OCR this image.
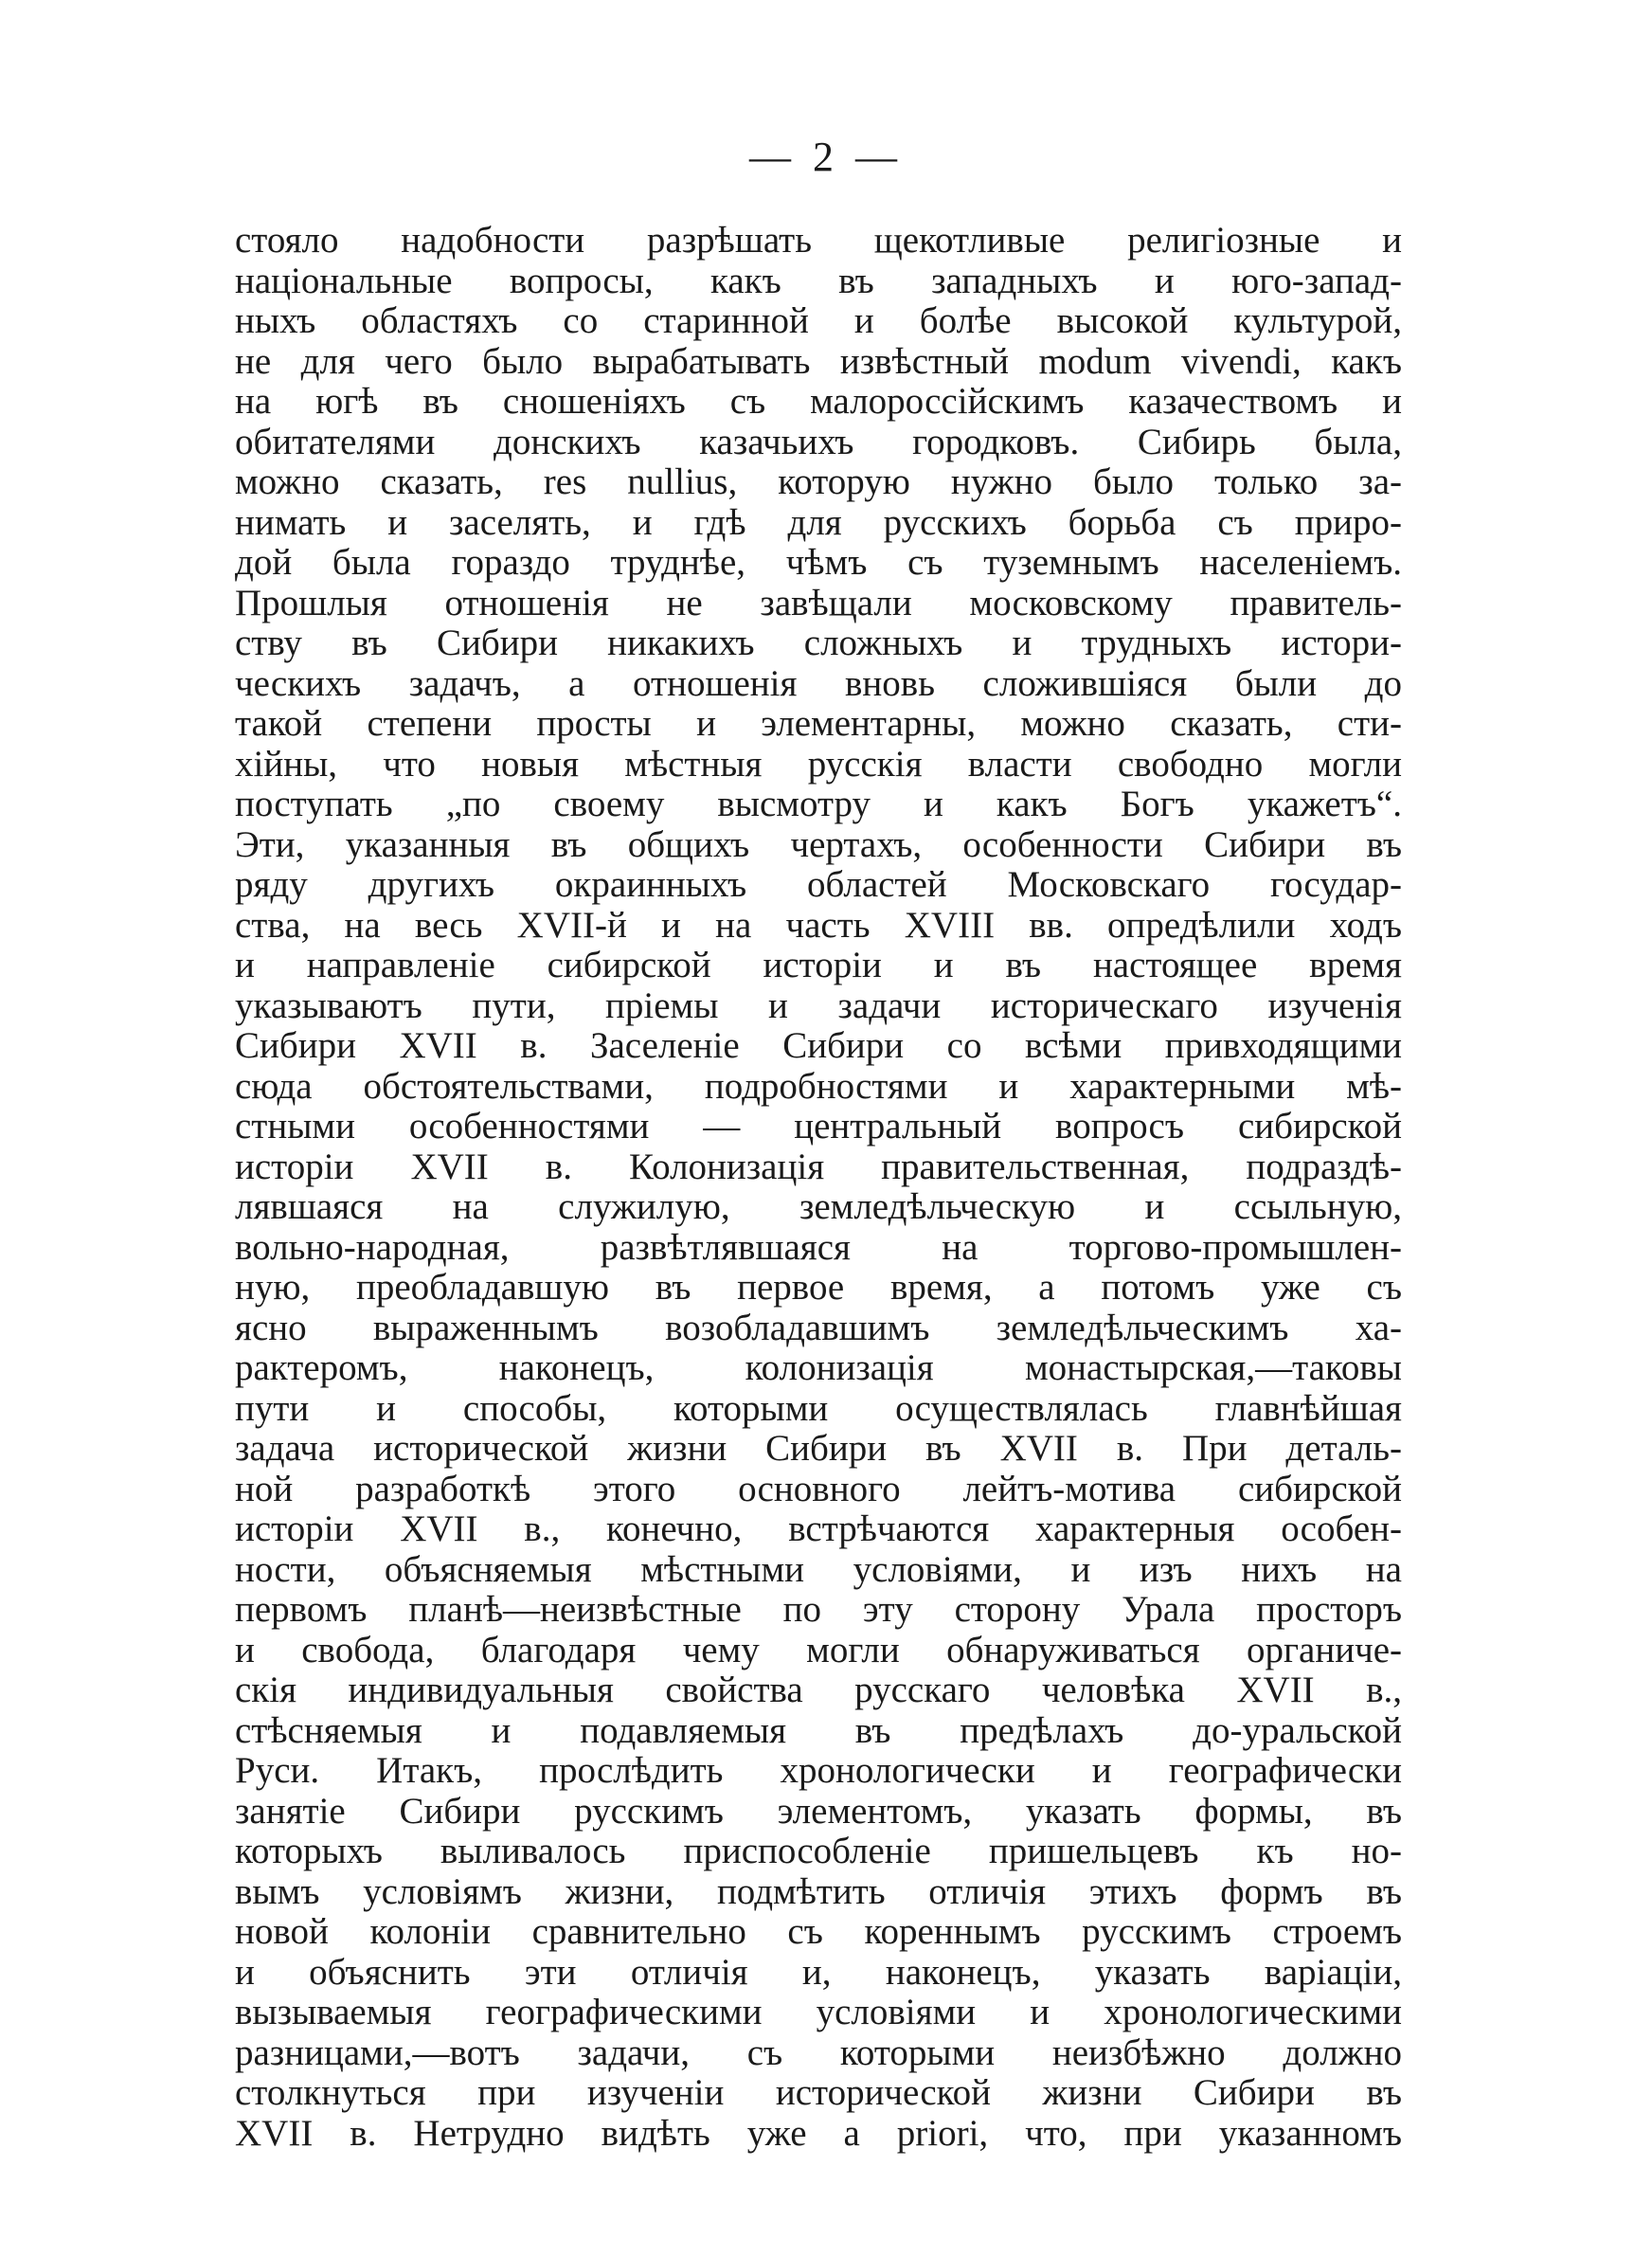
— 2 —
стояло надобности разрѣшать щекотливые религіозные и
національные вопросы, какъ въ западныхъ и юго-запад-
ныхъ областяхъ со старинной и болѣе высокой культурой,
не для чего было вырабатывать извѣстный modum vivendi, какъ
на югѣ въ сношеніяхъ съ малороссійскимъ казачествомъ и
обитателями донскихъ казачьихъ городковъ. Сибирь была,
можно сказать, res nullius, которую нужно было только за-
нимать и заселять, и гдѣ для русскихъ борьба съ приро-
дой была гораздо труднѣе, чѣмъ съ туземнымъ населеніемъ.
Прошлыя отношенія не завѣщали московскому правитель-
ству въ Сибири никакихъ сложныхъ и трудныхъ истори-
ческихъ задачъ, а отношенія вновь сложившіяся были до
такой степени просты и элементарны, можно сказать, сти-
хійны, что новыя мѣстныя русскія власти свободно могли
поступать „по своему высмотру и какъ Богъ укажетъ“.
Эти, указанныя въ общихъ чертахъ, особенности Сибири въ
ряду другихъ окраинныхъ областей Московскаго государ-
ства, на весь XVII-й и на часть XVIII вв. опредѣлили ходъ
и направленіе сибирской исторіи и въ настоящее время
указываютъ пути, пріемы и задачи историческаго изученія
Сибири XVII в. Заселеніе Сибири со всѣми привходящими
сюда обстоятельствами, подробностями и характерными мѣ-
стными особенностями — центральный вопросъ сибирской
исторіи XVII в. Колонизація правительственная, подраздѣ-
лявшаяся на служилую, земледѣльческую и ссыльную,
вольно-народная, развѣтлявшаяся на торгово-промышлен-
ную, преобладавшую въ первое время, а потомъ уже съ
ясно выраженнымъ возобладавшимъ земледѣльческимъ ха-
рактеромъ, наконецъ, колонизація монастырская,—таковы
пути и способы, которыми осуществлялась главнѣйшая
задача исторической жизни Сибири въ XVII в. При деталь-
ной разработкѣ этого основного лейтъ-мотива сибирской
исторіи XVII в., конечно, встрѣчаются характерныя особен-
ности, объясняемыя мѣстными условіями, и изъ нихъ на
первомъ планѣ—неизвѣстные по эту сторону Урала просторъ
и свобода, благодаря чему могли обнаруживаться органиче-
скія индивидуальныя свойства русскаго человѣка XVII в.,
стѣсняемыя и подавляемыя въ предѣлахъ до-уральской
Руси. Итакъ, прослѣдить хронологически и географически
занятіе Сибири русскимъ элементомъ, указать формы, въ
которыхъ выливалось приспособленіе пришельцевъ къ но-
вымъ условіямъ жизни, подмѣтить отличія этихъ формъ въ
новой колоніи сравнительно съ кореннымъ русскимъ строемъ
и объяснить эти отличія и, наконецъ, указать варіаціи,
вызываемыя географическими условіями и хронологическими
разницами,—вотъ задачи, съ которыми неизбѣжно должно
столкнуться при изученіи исторической жизни Сибири въ
XVII в. Нетрудно видѣть уже а priori, что, при указанномъ
